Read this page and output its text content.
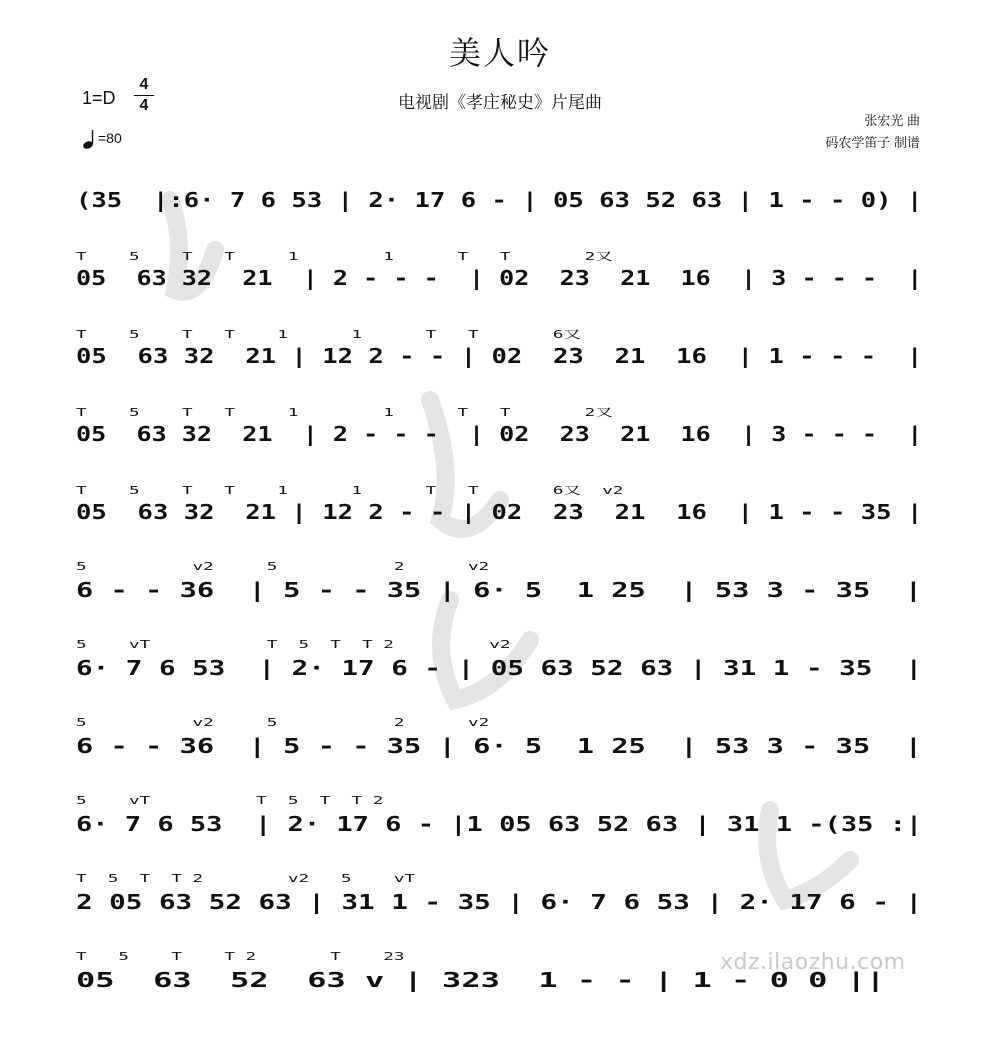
美人吟
电视剧《孝庄秘史》片尾曲
1=D
4
4
=80
张宏光 曲
码农学笛子 制谱
(35  |:6· 7 6 53 | 2· 17 6 - | 05 63 52 63 | 1 - - 0) |
T    5    T   T     1        1      T   T       2又
05  63 32  21  | 2 - - -  | 02  23  21  16  | 3 - - -  |
T    5    T   T    1      1      T   T       6又
05  63 32  21 | 12 2 - - | 02  23  21  16  | 1 - - -  |
T    5    T   T     1        1      T   T       2又
05  63 32  21  | 2 - - -  | 02  23  21  16  | 3 - - -  |
T    5    T   T    1      1      T   T       6又  v2
05  63 32  21 | 12 2 - - | 02  23  21  16  | 1 - - 35 |
5          v2     5           2      v2
6 - - 36  | 5 - - 35 | 6· 5  1 25  | 53 3 - 35  |
5    vT           T  5  T  T 2         v2
6· 7 6 53  | 2· 17 6 - | 05 63 52 63 | 31 1 - 35  |
5          v2     5           2      v2
6 - - 36  | 5 - - 35 | 6· 5  1 25  | 53 3 - 35  |
5    vT          T  5  T  T 2
6· 7 6 53  | 2· 17 6 - |1 05 63 52 63 | 31 1 -(35 :|
T  5  T  T 2        v2   5    vT
2 05 63 52 63 | 31 1 - 35 | 6· 7 6 53 | 2· 17 6 - |
T   5    T    T 2       T    23
05  63  52  63 v | 323  1 - - | 1 - 0 0 ||
xdz.ilaozhu.com
